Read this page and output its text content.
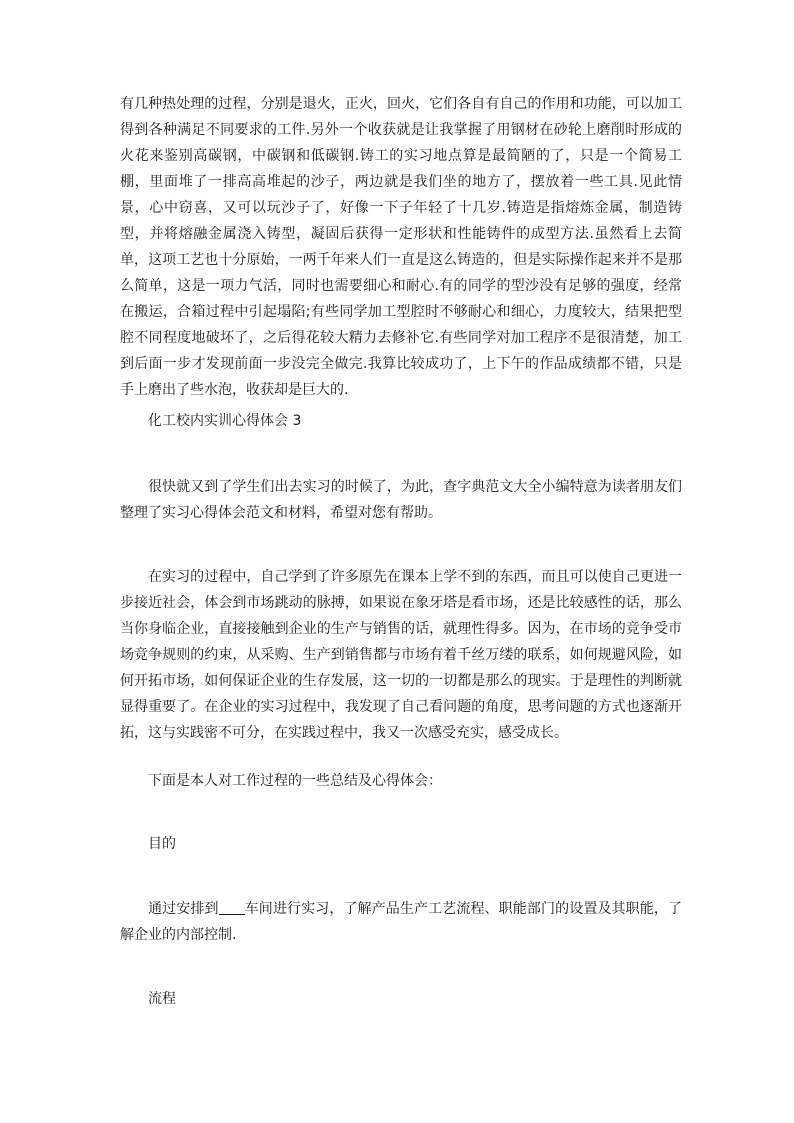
有几种热处理的过程，分别是退火，正火，回火，它们各自有自己的作用和功能，可以加工得到各种满足不同要求的工件.另外一个收获就是让我掌握了用钢材在砂轮上磨削时形成的火花来鉴别高碳钢，中碳钢和低碳钢.铸工的实习地点算是最简陋的了，只是一个简易工棚，里面堆了一排高高堆起的沙子，两边就是我们坐的地方了，摆放着一些工具.见此情景，心中窃喜，又可以玩沙子了，好像一下子年轻了十几岁.铸造是指熔炼金属，制造铸型，并将熔融金属浇入铸型，凝固后获得一定形状和性能铸件的成型方法.虽然看上去简单，这项工艺也十分原始，一两千年来人们一直是这么铸造的，但是实际操作起来并不是那么简单，这是一项力气活，同时也需要细心和耐心.有的同学的型沙没有足够的强度，经常在搬运，合箱过程中引起塌陷;有些同学加工型腔时不够耐心和细心，力度较大，结果把型腔不同程度地破坏了，之后得花较大精力去修补它.有些同学对加工程序不是很清楚，加工到后面一步才发现前面一步没完全做完.我算比较成功了，上下午的作品成绩都不错，只是手上磨出了些水泡，收获却是巨大的.
化工校内实训心得体会 3
很快就又到了学生们出去实习的时候了，为此，查字典范文大全小编特意为读者朋友们整理了实习心得体会范文和材料，希望对您有帮助。
在实习的过程中，自己学到了许多原先在课本上学不到的东西，而且可以使自己更进一步接近社会，体会到市场跳动的脉搏，如果说在象牙塔是看市场，还是比较感性的话，那么当你身临企业，直接接触到企业的生产与销售的话，就理性得多。因为，在市场的竞争受市场竞争规则的约束，从采购、生产到销售都与市场有着千丝万缕的联系，如何规避风险，如何开拓市场，如何保证企业的生存发展，这一切的一切都是那么的现实。于是理性的判断就显得重要了。在企业的实习过程中，我发现了自己看问题的角度，思考问题的方式也逐渐开拓，这与实践密不可分，在实践过程中，我又一次感受充实，感受成长。
下面是本人对工作过程的一些总结及心得体会：
目的
通过安排到 车间进行实习，了解产品生产工艺流程、职能部门的设置及其职能，了解企业的内部控制.
流程
